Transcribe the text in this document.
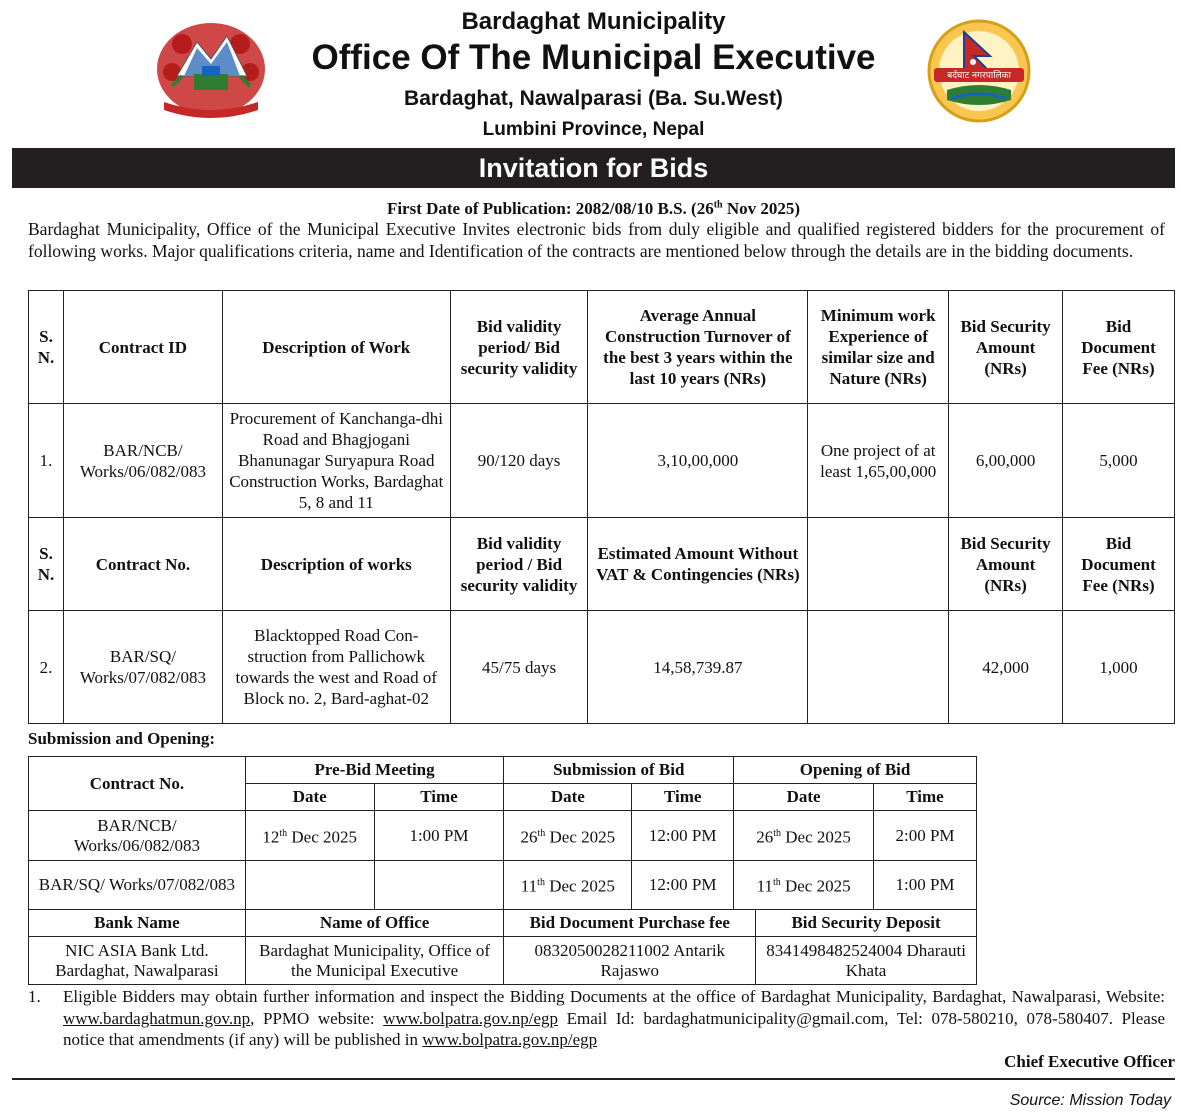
Bardaghat Municipality
Office Of The Municipal Executive
Bardaghat, Nawalparasi (Ba. Su.West)
Lumbini Province, Nepal
बर्दघाट नगरपालिका
Invitation for Bids
First Date of Publication: 2082/08/10 B.S. (26th Nov 2025)
Bardaghat Municipality, Office of the Municipal Executive Invites electronic bids from duly eligible and qualified registered bidders for the procurement of following works. Major qualifications criteria, name and Identification of the contracts are mentioned below through the details are in the bidding documents.
S. N.	Contract ID	Description of Work	Bid validity period/ Bid security validity	Average Annual Construction Turnover of the best 3 years within the last 10 years (NRs)	Minimum work Experience of similar size and Nature (NRs)	Bid Security Amount (NRs)	Bid Document Fee (NRs)
1.	BAR/NCB/ Works/06/082/083	Procurement of Kanchanga-dhi Road and Bhagjogani Bhanunagar Suryapura Road Construction Works, Bardaghat 5, 8 and 11	90/120 days	3,10,00,000	One project of at least 1,65,00,000	6,00,000	5,000
S. N.	Contract No.	Description of works	Bid validity period / Bid security validity	Estimated Amount Without VAT & Contingencies (NRs)		Bid Security Amount (NRs)	Bid Document Fee (NRs)
2.	BAR/SQ/ Works/07/082/083	Blacktopped Road Con-struction from Pallichowk towards the west and Road of Block no. 2, Bard-aghat-02	45/75 days	14,58,739.87		42,000	1,000
Submission and Opening:
Contract No.	Pre-Bid Meeting		Submission of Bid		Opening of Bid		
	Date	Time	Date	Time	Date		Time
BAR/NCB/ Works/06/082/083	12th Dec 2025	1:00 PM	26th Dec 2025	12:00 PM	26th Dec 2025		2:00 PM
BAR/SQ/ Works/07/082/083			11th Dec 2025	12:00 PM	11th Dec 2025		1:00 PM
Bank Name	Name of Office		Bid Document Purchase fee			Bid Security Deposit	
NIC ASIA Bank Ltd. Bardaghat, Nawalparasi	Bardaghat Municipality, Office of the Municipal Executive		0832050028211002 Antarik Rajaswo			8341498482524004 Dharauti Khata	
1. Eligible Bidders may obtain further information and inspect the Bidding Documents at the office of Bardaghat Municipality, Bardaghat, Nawalparasi, Website: www.bardaghatmun.gov.np, PPMO website: www.bolpatra.gov.np/egp Email Id: bardaghatmunicipality@gmail.com, Tel: 078-580210, 078-580407. Please notice that amendments (if any) will be published in www.bolpatra.gov.np/egp
Chief Executive Officer
Source: Mission Today
